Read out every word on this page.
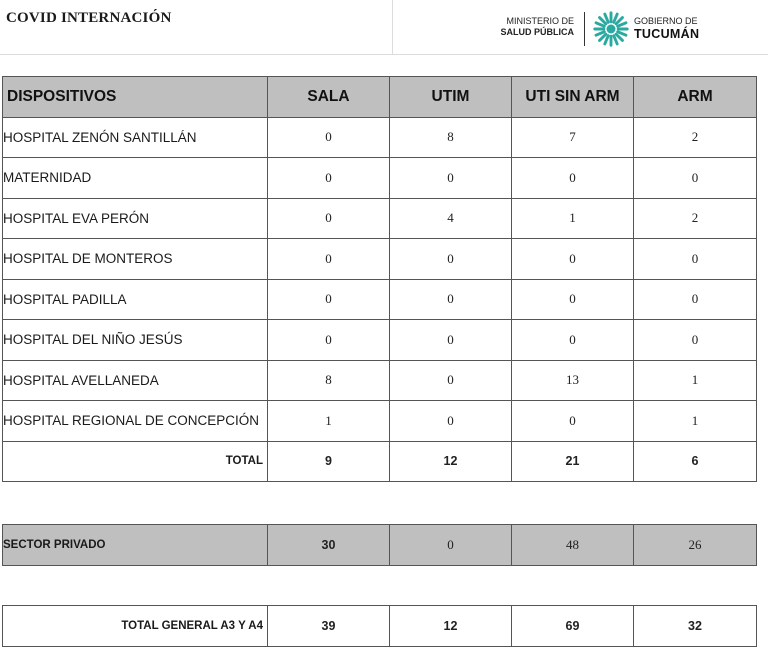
COVID INTERNACIÓN	MINISTERIO DE
SALUD PÚBLICA
GOBIERNO DE
TUCUMÁN
DISPOSITIVOS	SALA	UTIM	UTI SIN ARM	ARM
HOSPITAL ZENÓN SANTILLÁN	0	8	7	2
MATERNIDAD	0	0	0	0
HOSPITAL EVA PERÓN	0	4	1	2
HOSPITAL DE MONTEROS	0	0	0	0
HOSPITAL PADILLA	0	0	0	0
HOSPITAL DEL NIÑO JESÚS	0	0	0	0
HOSPITAL AVELLANEDA	8	0	13	1
HOSPITAL REGIONAL DE CONCEPCIÓN	1	0	0	1
TOTAL	9	12	21	6
SECTOR PRIVADO	30	0	48	26
TOTAL GENERAL A3 Y A4	39	12	69	32
